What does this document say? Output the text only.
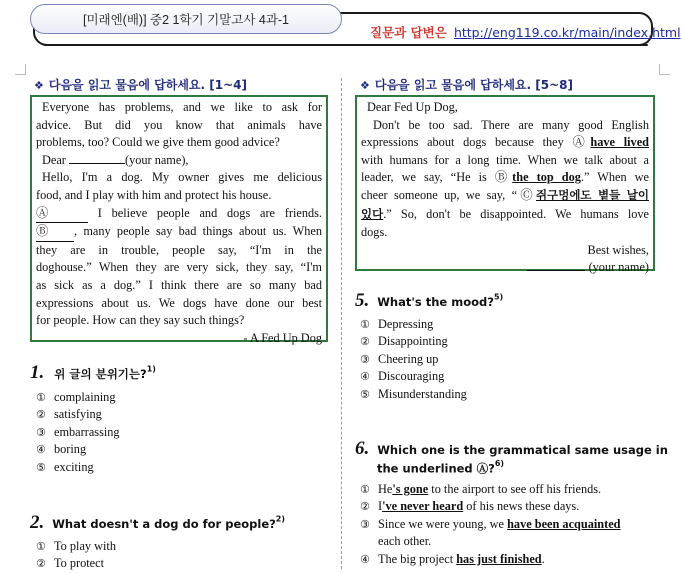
[미래엔(배)] 중2 1학기 기말고사 4과-1
질문과 답변은 http://eng119.co.kr/main/index.html
❖ 다음을 읽고 물음에 답하세요. [1~4]

Everyone has problems, and we like to ask for

advice. But did you know that animals have

problems, too? Could we give them good advice?

Dear	(your name),

Hello, I'm a dog. My owner gives me delicious

food, and I play with him and protect his house.

Ⓐ	I believe people and dogs are friends.

Ⓑ , many people say bad things about us. When

they are in trouble, people say, “I'm in the

doghouse.” When they are very sick, they say, “I'm

as sick as a dog.” I think there are so many bad

expressions about us. We dogs have done our best

for people. How can they say such things?

- A Fed Up Dog

1. 위 글의 분위기는?$^{1)}$
① complaining
② satisfying
③ embarrassing
④ boring
⑤ exciting
2. What doesn't a dog do for people?$^{2)}$
① To play with
② To protect
❖ 다음을 읽고 물음에 답하세요. [5~8]

Dear Fed Up Dog,

Don't be too sad. There are many good English

expressions about dogs because they Ⓐhave lived

with humans for a long time. When we talk about a

leader, we say, “He is Ⓑthe top dog.” When we

cheer someone up, we say, “Ⓒ쥐구멍에도 볕들 날이

있다.” So, don't be disappointed. We humans love

dogs.

Best wishes,

(your name)

5. What's the mood?$^{5)}$
① Depressing
② Disappointing
③ Cheering up
④ Discouraging
⑤ Misunderstanding
6. Which one is the grammatical same usage in
the underlined Ⓐ?$^{6)}$
① He's gone to the airport to see off his friends.
② I've never heard of his news these days.
③ Since we were young, we have been acquainted
each other.
④ The big project has just finished.
